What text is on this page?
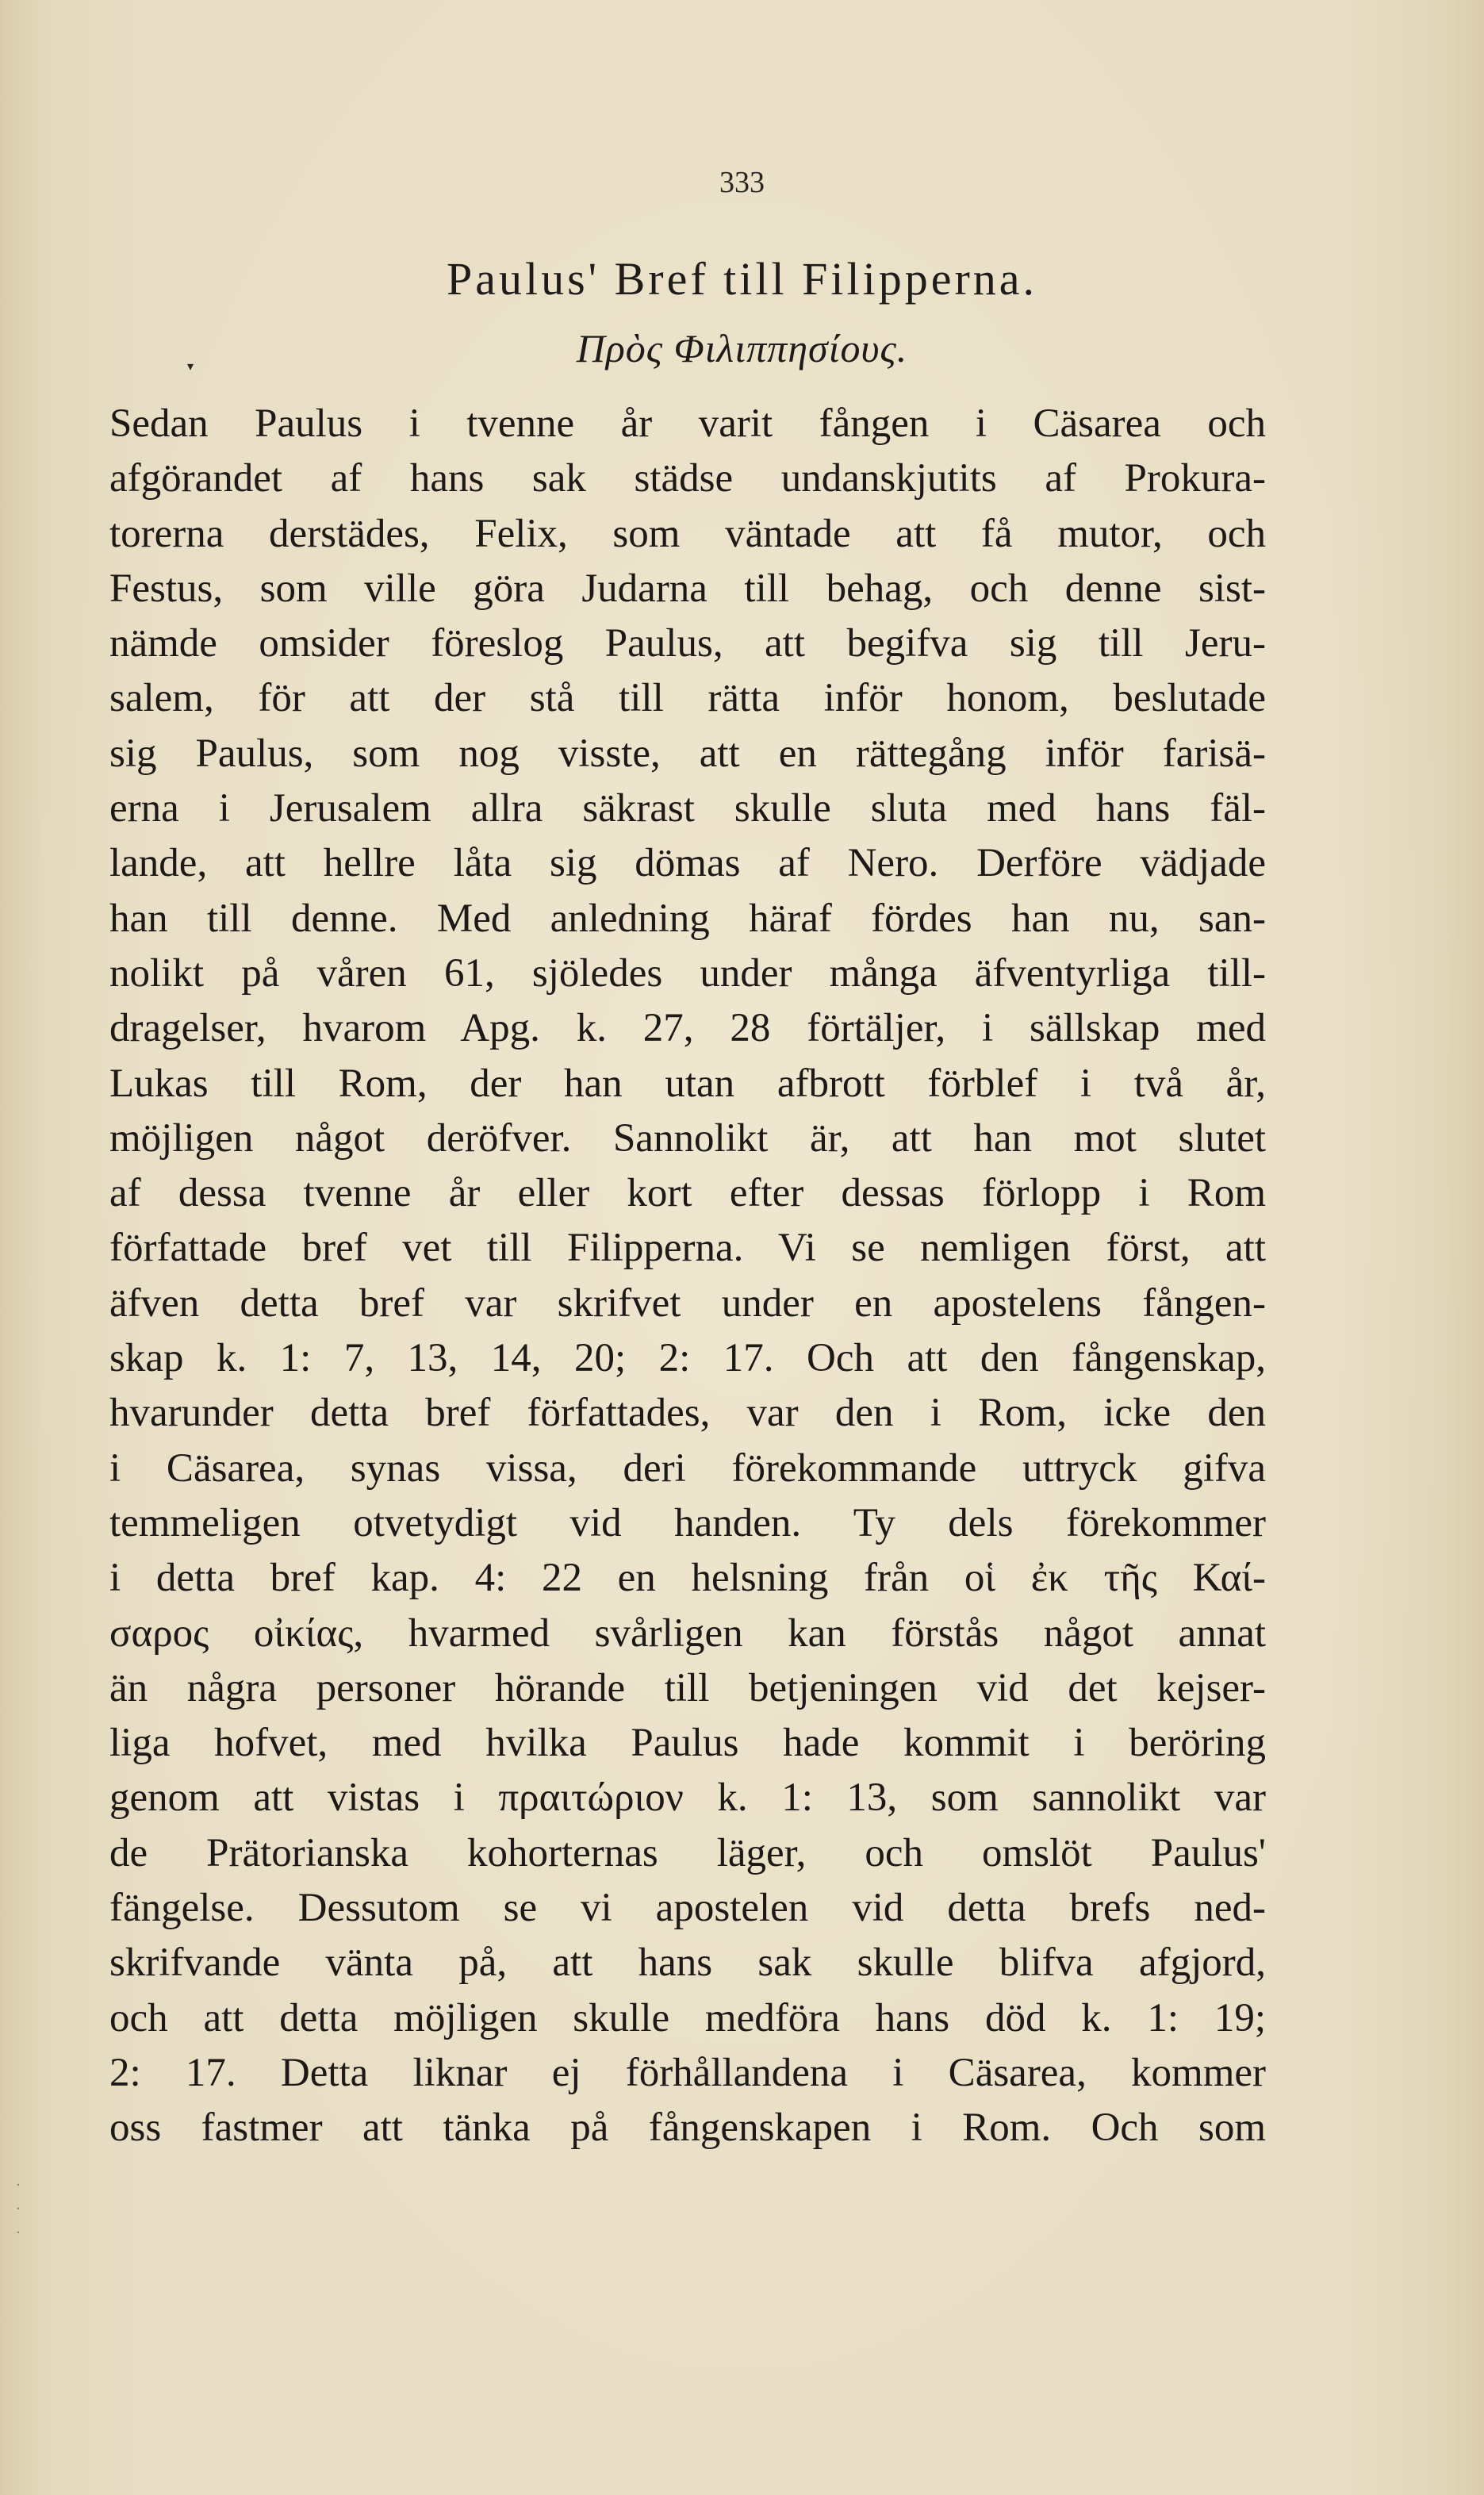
333
Paulus' Bref till Filipperna.
Πρὸς Φιλιππησίους.
▾
Sedan Paulus i tvenne år varit fången i Cäsarea och
afgörandet af hans sak städse undanskjutits af Prokura-
torerna derstädes, Felix, som väntade att få mutor, och
Festus, som ville göra Judarna till behag, och denne sist-
nämde omsider föreslog Paulus, att begifva sig till Jeru-
salem, för att der stå till rätta inför honom, beslutade
sig Paulus, som nog visste, att en rättegång inför farisä-
erna i Jerusalem allra säkrast skulle sluta med hans fäl-
lande, att hellre låta sig dömas af Nero. Derföre vädjade
han till denne. Med anledning häraf fördes han nu, san-
nolikt på våren 61, sjöledes under många äfventyrliga till-
dragelser, hvarom Apg. k. 27, 28 förtäljer, i sällskap med
Lukas till Rom, der han utan afbrott förblef i två år,
möjligen något deröfver. Sannolikt är, att han mot slutet
af dessa tvenne år eller kort efter dessas förlopp i Rom
författade bref vet till Filipperna. Vi se nemligen först, att
äfven detta bref var skrifvet under en apostelens fången-
skap k. 1: 7, 13, 14, 20; 2: 17. Och att den fångenskap,
hvarunder detta bref författades, var den i Rom, icke den
i Cäsarea, synas vissa, deri förekommande uttryck gifva
temmeligen otvetydigt vid handen. Ty dels förekommer
i detta bref kap. 4: 22 en helsning från οἱ ἐκ τῆς Καί-
σαρος οἰκίας, hvarmed svårligen kan förstås något annat
än några personer hörande till betjeningen vid det kejser-
liga hofvet, med hvilka Paulus hade kommit i beröring
genom att vistas i πραιτώριον k. 1: 13, som sannolikt var
de Prätorianska kohorternas läger, och omslöt Paulus'
fängelse. Dessutom se vi apostelen vid detta brefs ned-
skrifvande vänta på, att hans sak skulle blifva afgjord,
och att detta möjligen skulle medföra hans död k. 1: 19;
2: 17. Detta liknar ej förhållandena i Cäsarea, kommer
oss fastmer att tänka på fångenskapen i Rom. Och som
·
·
·
